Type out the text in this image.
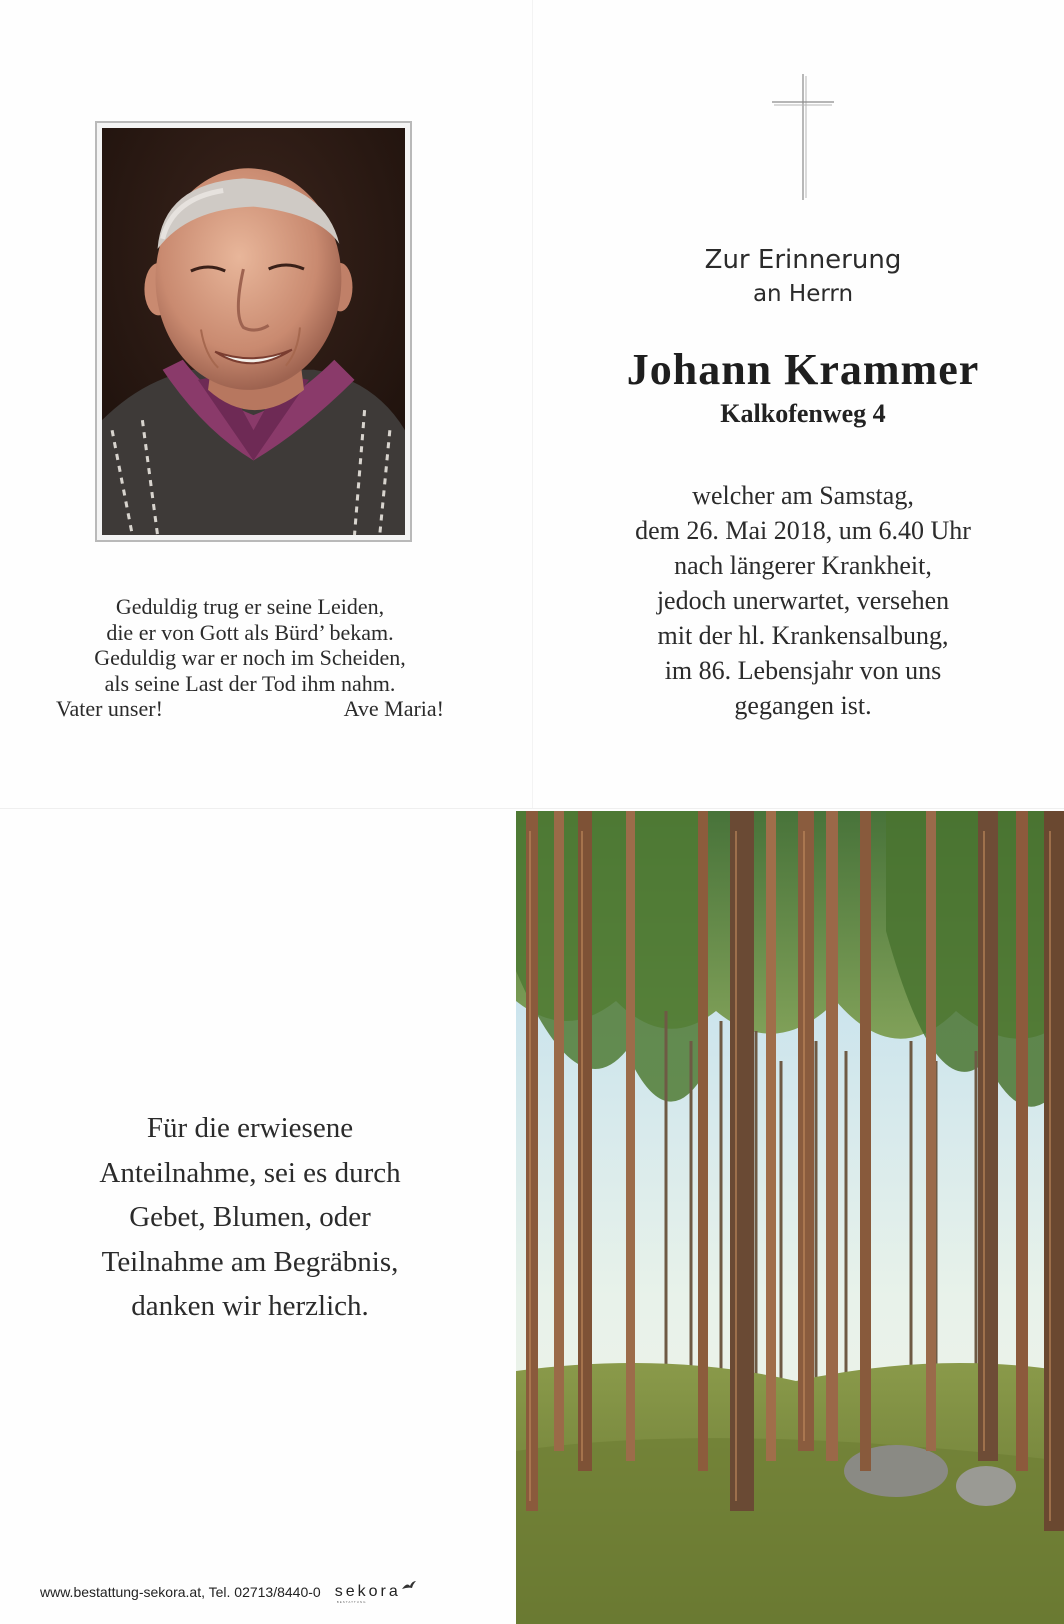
Geduldig trug er seine Leiden,
die er von Gott als Bürd’ bekam.
Geduldig war er noch im Scheiden,
als seine Last der Tod ihm nahm.
Vater unser!	Ave Maria!
Zur Erinnerung
an Herrn
Johann Krammer
Kalkofenweg 4
welcher am Samstag,
dem 26. Mai 2018, um 6.40 Uhr
nach längerer Krankheit,
jedoch unerwartet, versehen
mit der hl. Krankensalbung,
im 86. Lebensjahr von uns
gegangen ist.
Für die erwiesene
Anteilnahme, sei es durch
Gebet, Blumen, oder
Teilnahme am Begräbnis,
danken wir herzlich.
www.bestattung-sekora.at, Tel. 02713/8440-0 sekora
BESTATTUNG
